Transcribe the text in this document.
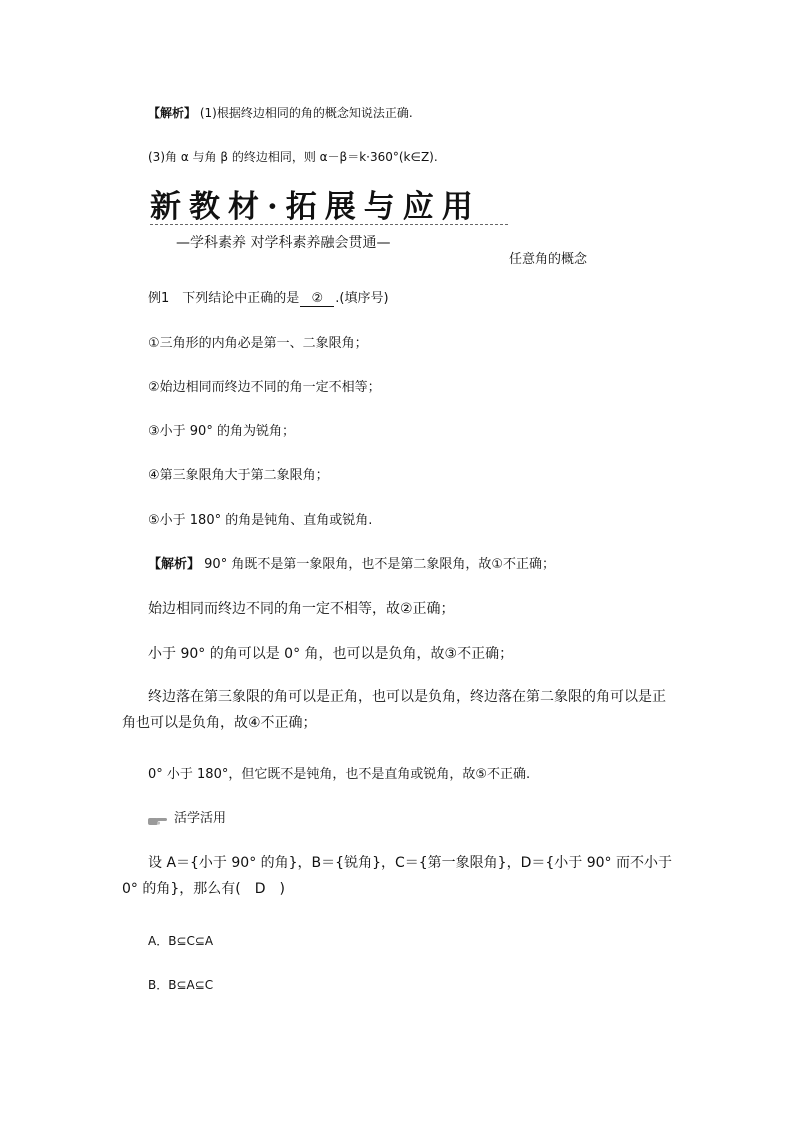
【解析】 (1)根据终边相同的角的概念知说法正确.
(3)角 α 与角 β 的终边相同，则 α－β＝k·360°(k∈Z).
新教材·拓展与应用
—学科素养 对学科素养融会贯通—
任意角的概念
例1　下列结论中正确的是 ② .(填序号)
①三角形的内角必是第一、二象限角；
②始边相同而终边不同的角一定不相等；
③小于 90° 的角为锐角；
④第三象限角大于第二象限角；
⑤小于 180° 的角是钝角、直角或锐角.
【解析】 90° 角既不是第一象限角，也不是第二象限角，故①不正确；
始边相同而终边不同的角一定不相等，故②正确；
小于 90° 的角可以是 0° 角，也可以是负角，故③不正确；
终边落在第三象限的角可以是正角，也可以是负角，终边落在第二象限的角可以是正角也可以是负角，故④不正确；
0° 小于 180°，但它既不是钝角，也不是直角或锐角，故⑤不正确.
活学活用
设 A＝{小于 90° 的角}，B＝{锐角}，C＝{第一象限角}，D＝{小于 90° 而不小于 0° 的角}，那么有(　D　)
A．B⊆C⊆A
B．B⊆A⊆C
